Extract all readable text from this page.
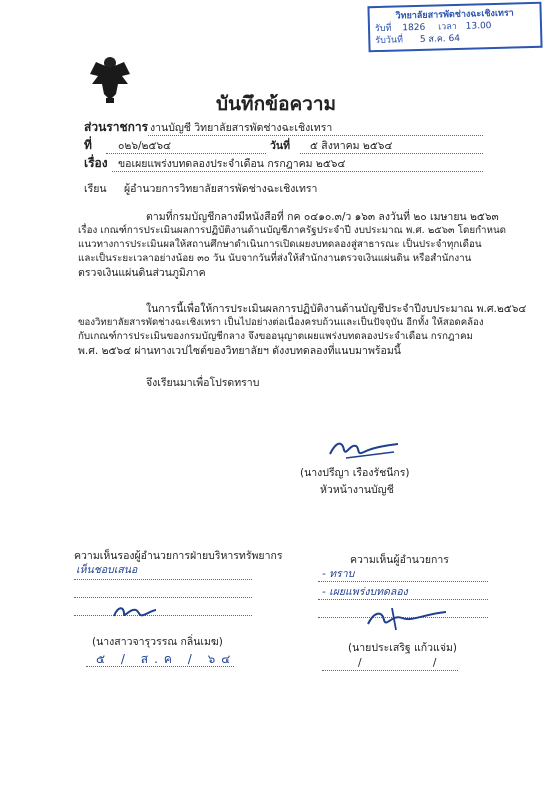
วิทยาลัยสารพัดช่างฉะเชิงเทรา
รับที่ 1826 เวลา 13.00
รับวันที่ 5 ส.ค. 64
บันทึกข้อความ
ส่วนราชการ งานบัญชี วิทยาลัยสารพัดช่างฉะเชิงเทรา
ที่ ๐๒๖/๒๕๖๔	วันที่ ๕ สิงหาคม ๒๕๖๔
เรื่อง ขอเผยแพร่งบทดลองประจำเดือน กรกฎาคม ๒๕๖๔
เรียน ผู้อำนวยการวิทยาลัยสารพัดช่างฉะเชิงเทรา
ตามที่กรมบัญชีกลางมีหนังสือที่ กค ๐๔๑๐.๓/ว ๑๖๓ ลงวันที่ ๒๐ เมษายน ๒๕๖๓
เรื่อง เกณฑ์การประเมินผลการปฏิบัติงานด้านบัญชีภาครัฐประจำปี งบประมาณ พ.ศ. ๒๕๖๓ โดยกำหนด
แนวทางการประเมินผลให้สถานศึกษาดำเนินการเปิดเผยงบทดลองสู่สาธารณะ เป็นประจำทุกเดือน
และเป็นระยะเวลาอย่างน้อย ๓๐ วัน นับจากวันที่ส่งให้สำนักงานตรวจเงินแผ่นดิน หรือสำนักงาน
ตรวจเงินแผ่นดินส่วนภูมิภาค
ในการนี้เพื่อให้การประเมินผลการปฏิบัติงานด้านบัญชีประจำปีงบประมาณ พ.ศ.๒๕๖๔
ของวิทยาลัยสารพัดช่างฉะเชิงเทรา เป็นไปอย่างต่อเนื่องครบถ้วนและเป็นปัจจุบัน อีกทั้ง ให้สอดคล้อง
กับเกณฑ์การประเมินของกรมบัญชีกลาง จึงขออนุญาตเผยแพร่งบทดลองประจำเดือน กรกฎาคม
พ.ศ. ๒๕๖๔ ผ่านทางเวปไซต์ของวิทยาลัยฯ ดังงบทดลองที่แนบมาพร้อมนี้
จึงเรียนมาเพื่อโปรดทราบ
(นางปรีญา เรืองรัชนีกร)
หัวหน้างานบัญชี
ความเห็นรองผู้อำนวยการฝ่ายบริหารทรัพยากร
เห็นชอบเสนอ
(นางสาวจารุวรรณ กลิ่นเมฆ)
๕ / ส.ค / ๖๔
ความเห็นผู้อำนวยการ
- ทราบ
- เผยแพร่งบทดลอง
(นายประเสริฐ แก้วแจ่ม)
/ /
